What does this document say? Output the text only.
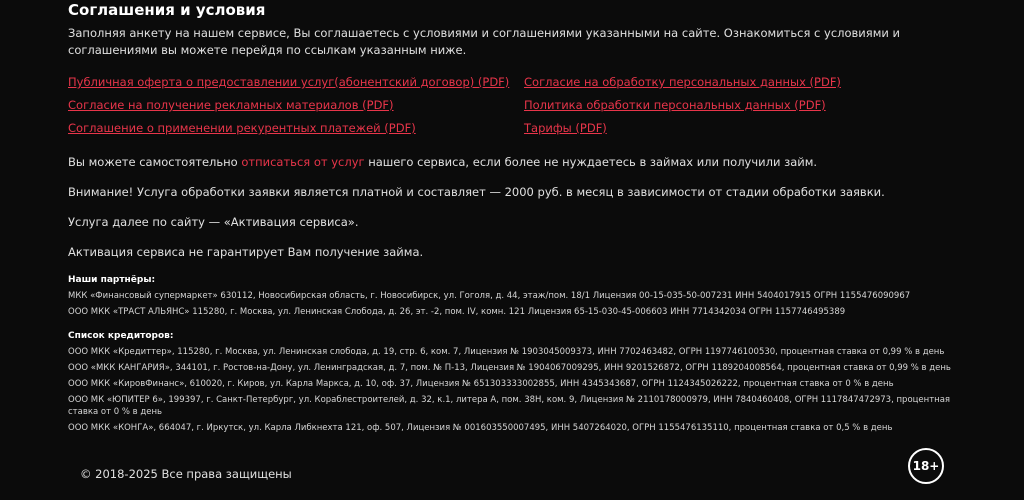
Соглашения и условия
Заполняя анкету на нашем сервисе, Вы соглашаетесь с условиями и соглашениями указанными на сайте. Ознакомиться с условиями и соглашениями вы можете перейдя по ссылкам указанным ниже.
Публичная оферта о предоставлении услуг(абонентский договор) (PDF)	Согласие на обработку персональных данных (PDF)
Согласие на получение рекламных материалов (PDF)	Политика обработки персональных данных (PDF)
Соглашение о применении рекурентных платежей (PDF)	Тарифы (PDF)
Вы можете самостоятельно отписаться от услуг нашего сервиса, если более не нуждаетесь в займах или получили займ.
Внимание! Услуга обработки заявки является платной и составляет — 2000 руб. в месяц в зависимости от стадии обработки заявки.
Услуга далее по сайту — «Активация сервиса».
Активация сервиса не гарантирует Вам получение займа.
Наши партнёры:
МКК «Финансовый супермаркет» 630112, Новосибирская область, г. Новосибирск, ул. Гоголя, д. 44, этаж/пом. 18/1 Лицензия 00-15-035-50-007231 ИНН 5404017915 ОГРН 1155476090967
ООО МКК «ТРАСТ АЛЬЯНС» 115280, г. Москва, ул. Ленинская Слобода, д. 26, эт. -2, пом. IV, комн. 121 Лицензия 65-15-030-45-006603 ИНН 7714342034 ОГРН 1157746495389
Список кредиторов:
ООО МКК «Кредиттер», 115280, г. Москва, ул. Ленинская слобода, д. 19, стр. 6, ком. 7, Лицензия № 1903045009373, ИНН 7702463482, ОГРН 1197746100530, процентная ставка от 0,99 % в день
ООО «МКК КАНГАРИЯ», 344101, г. Ростов-на-Дону, ул. Ленинградская, д. 7, пом. № П-13, Лицензия № 1904067009295, ИНН 9201526872, ОГРН 1189204008564, процентная ставка от 0,99 % в день
ООО МКК «КировФинанс», 610020, г. Киров, ул. Карла Маркса, д. 10, оф. 37, Лицензия № 651303333002855, ИНН 4345343687, ОГРН 1124345026222, процентная ставка от 0 % в день
ООО МК «ЮПИТЕР 6», 199397, г. Санкт-Петербург, ул. Кораблестроителей, д. 32, к.1, литера А, пом. 38Н, ком. 9, Лицензия № 2110178000979, ИНН 7840460408, ОГРН 1117847472973, процентная ставка от 0 % в день
ООО МКК «КОНГА», 664047, г. Иркутск, ул. Карла Либкнехта 121, оф. 507, Лицензия № 001603550007495, ИНН 5407264020, ОГРН 1155476135110, процентная ставка от 0,5 % в день
© 2018-2025 Все права защищены
18+
